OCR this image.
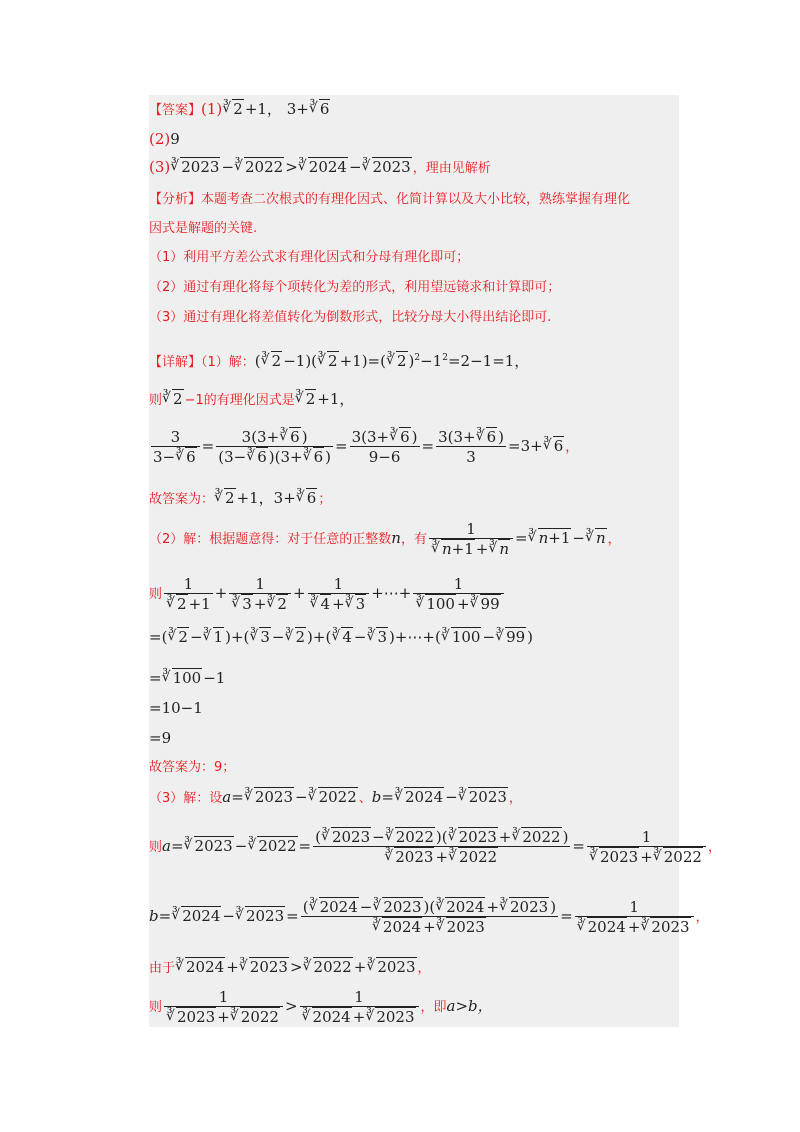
【答案】(1)∛ 2 +1， 3+∛ 6
(2)9
(3)∛ 2023 −∛ 2022 >∛ 2024 −∛ 2023 ，理由见解析
【分析】本题考查二次根式的有理化因式、化简计算以及大小比较，熟练掌握有理化
因式是解题的关键.
（1）利用平方差公式求有理化因式和分母有理化即可；
（2）通过有理化将每个项转化为差的形式，利用望远镜求和计算即可；
（3）通过有理化将差值转化为倒数形式，比较分母大小得出结论即可.
【详解】（1）解：(∛ 2 −1)(∛ 2 +1)=(∛ 2 )$^2-1^2=2-1=1$，
则∛ 2 −1的有理化因式是∛ 2 +1，
$\frac{3}{3-∛ 6} = \frac{3(3+∛ 6 )}{(3-∛ 6 )(3+∛ 6 )} = \frac{3(3+∛ 6 )}{9-6} = \frac{3(3+∛ 6 )}{3}$ =3+∛ 6 ，
故答案为：∛ 2 +1，3+∛ 6 ；
（2）解：根据题意得：对于任意的正整数n，有 1
∛ n+1 +∛ n =∛ n+1 −∛ n ，
则 1
∛ 2 +1 + 1
∛ 3 +∛ 2 + 1
∛ 4 +∛ 3 +⋯+ 1
∛ 100 +∛ 99
=(∛ 2 −∛ 1 )+(∛ 3 −∛ 2 )+(∛ 4 −∛ 3 )+⋯+(∛ 100 −∛ 99 )
=∛ 100 −1
=10−1
=9
故答案为：9；
（3）解：设a=∛ 2023 −∛ 2022 、b=∛ 2024 −∛ 2023 ，
则a=∛ 2023 −∛ 2022 = (∛ 2023 −∛ 2022 )(∛ 2023 +∛ 2022 )
∛ 2023 +∛ 2022 = 1
∛ 2023 +∛ 2022 ，
b=∛ 2024 −∛ 2023 = (∛ 2024 −∛ 2023 )(∛ 2024 +∛ 2023 )
∛ 2024 +∛ 2023 = 1
∛ 2024 +∛ 2023 ，
由于∛ 2024 +∛ 2023 >∛ 2022 +∛ 2023 ，
则 1
∛ 2023 +∛ 2022 > 1
∛ 2024 +∛ 2023 ，即a>b，
